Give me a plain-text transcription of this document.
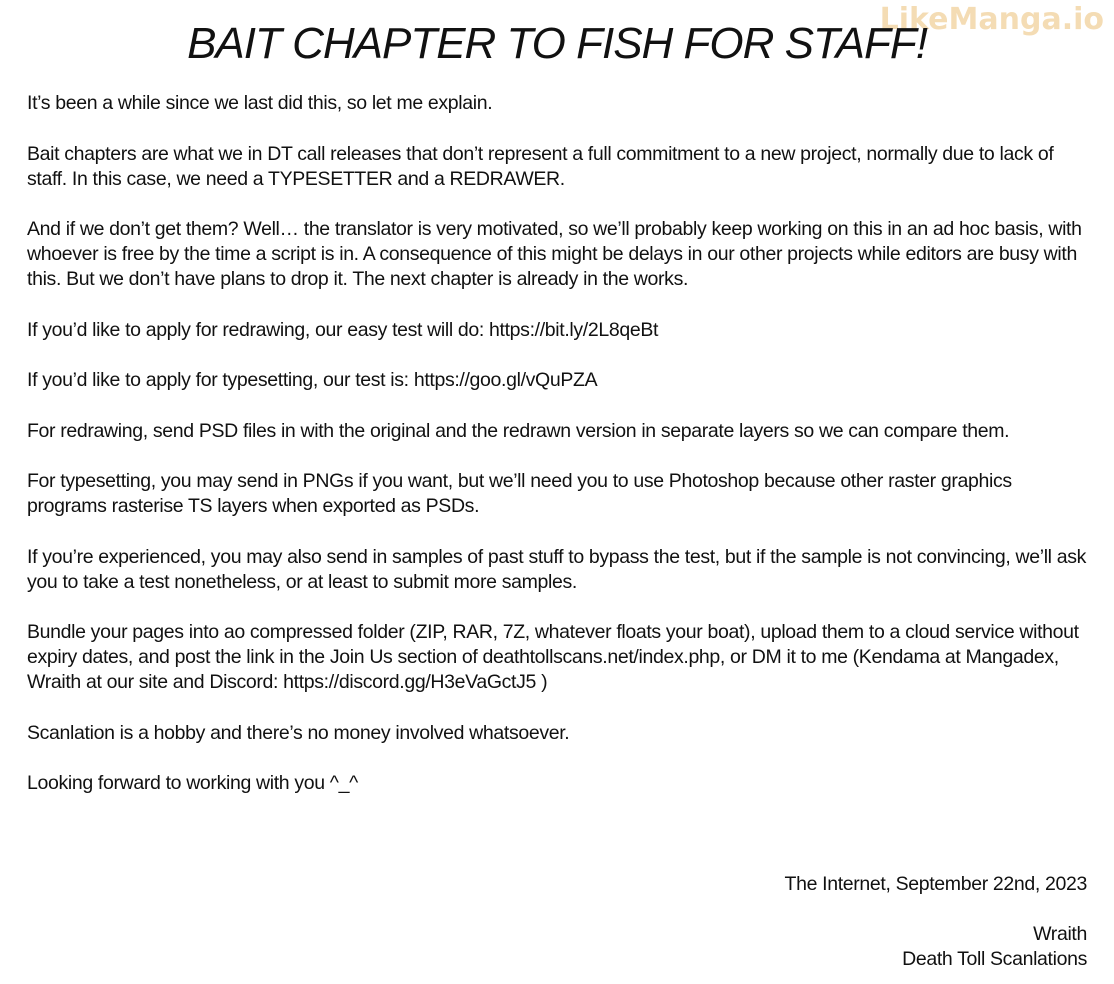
LikeManga.io
BAIT CHAPTER TO FISH FOR STAFF!

It’s been a while since we last did this, so let me explain.

Bait chapters are what we in DT call releases that don’t represent a full commitment to a new project, normally due to lack of staff. In this case, we need a TYPESETTER and a REDRAWER.

And if we don’t get them? Well… the translator is very motivated, so we’ll probably keep working on this in an ad hoc basis, with whoever is free by the time a script is in. A consequence of this might be delays in our other projects while editors are busy with this. But we don’t have plans to drop it. The next chapter is already in the works.

If you’d like to apply for redrawing, our easy test will do: https://bit.ly/2L8qeBt

If you’d like to apply for typesetting, our test is: https://goo.gl/vQuPZA

For redrawing, send PSD files in with the original and the redrawn version in separate layers so we can compare them.

For typesetting, you may send in PNGs if you want, but we’ll need you to use Photoshop because other raster graphics programs rasterise TS layers when exported as PSDs.

If you’re experienced, you may also send in samples of past stuff to bypass the test, but if the sample is not convincing, we’ll ask you to take a test nonetheless, or at least to submit more samples.

Bundle your pages into ao compressed folder (ZIP, RAR, 7Z, whatever floats your boat), upload them to a cloud service without expiry dates, and post the link in the Join Us section of deathtollscans.net/index.php, or DM it to me (Kendama at Mangadex, Wraith at our site and Discord: https://discord.gg/H3eVaGctJ5 )

Scanlation is a hobby and there’s no money involved whatsoever.

Looking forward to working with you ^_^

The Internet, September 22nd, 2023

Wraith

Death Toll Scanlations
